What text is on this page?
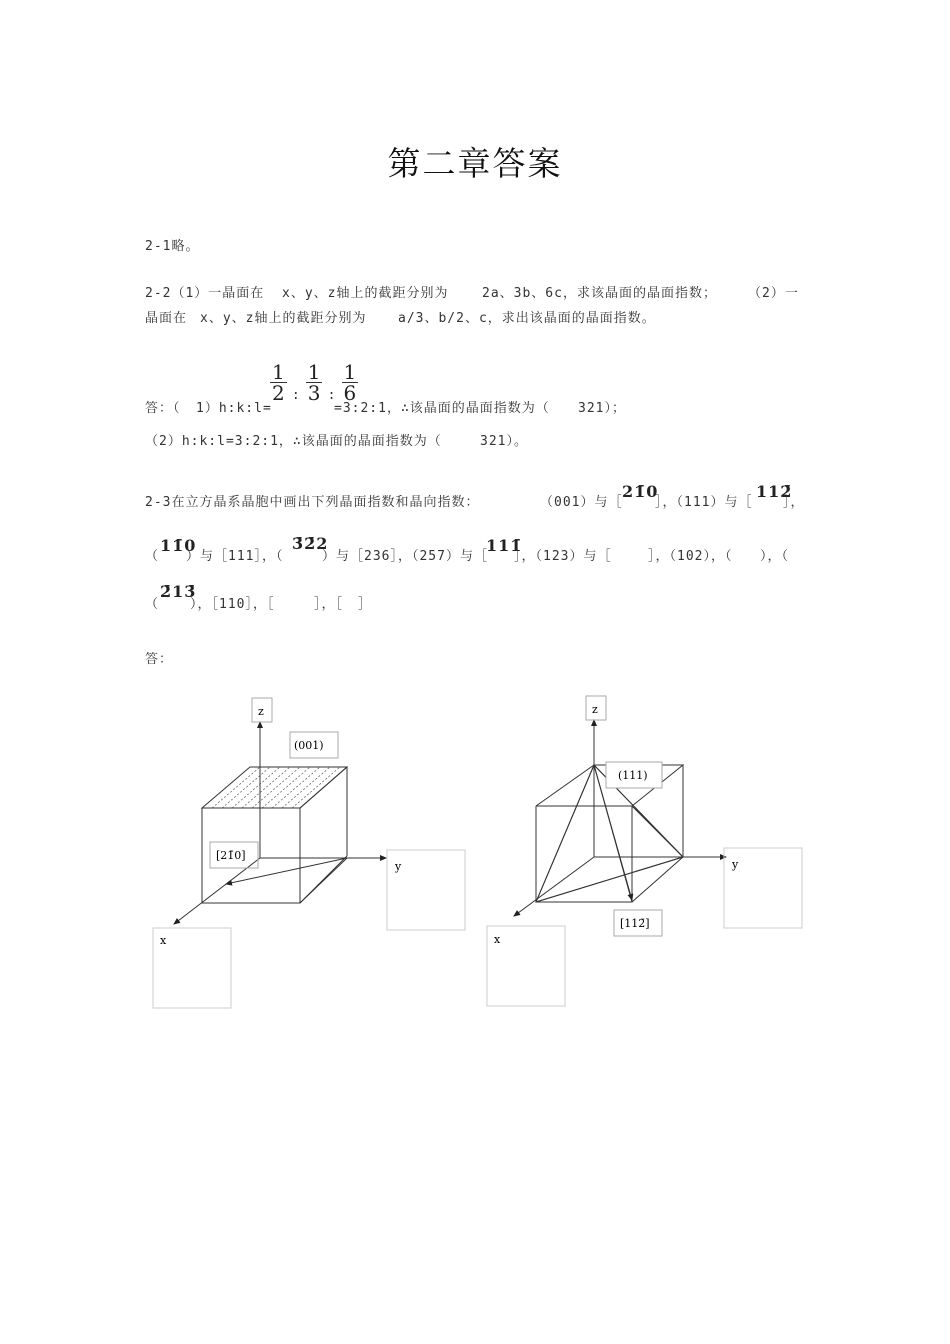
第二章答案
2-1略。
2-2（1）一晶面在 x、y、z轴上的截距分别为	2a、3b、6c，求该晶面的晶面指数； （2）一
晶面在 x、y、z轴上的截距分别为 a/3、b/2、c，求出该晶面的晶面指数。
答：（ 1）h:k:l=
$\frac{1}{2}$ : $\frac{1}{3}$ : $\frac{1}{6}$
=3:2:1，∴该晶面的晶面指数为（ 321）；
（2）h:k:l=3:2:1，∴该晶面的晶面指数为（	321）。
2-3在立方晶系晶胞中画出下列晶面指数和晶向指数：	（001）与［
21̄0
］，（111）与［
112̄
］，
（
11̄0
）与［111］，（
3̄2̄2
）与［236］，（257）与［
111̄
］，（123）与［	］，（102），（ ），（
（
2̄13̄
），［110］，［	］，［ ］
答：
z
(001)
[21̄0]
y
x
z
(111)
[112̄]
y
x
